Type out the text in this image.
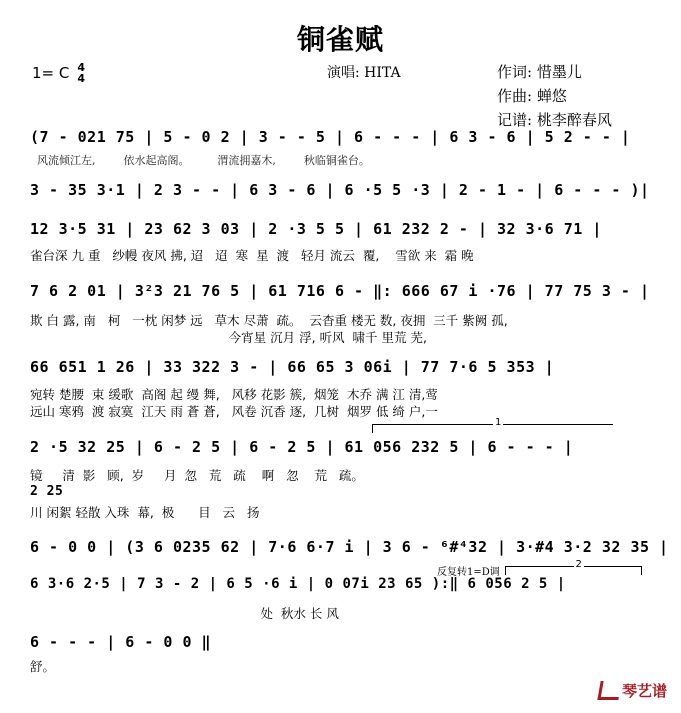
铜雀赋
1= C 4
4	演唱: HITA	作词: 惜墨儿
作曲: 蝉悠
记谱: 桃李醉春风
(7 - 021 75 | 5 - 0 2 | 3 - - 5 | 6 - - - | 6 3 - 6 | 5 2 - - |
风流倾江左,        依水起高阁。        渭流拥嘉木,        秋临铜雀台。
3 - 35 3·1 | 2 3 - - | 6 3 - 6 | 6 ·5 5 ·3 | 2 - 1 - | 6 - - - )|
12 3·5 31 | 23 62 3 03 | 2 ·3 5 5 | 61 232 2 - | 32 3·6 71 |
雀台深 九 重   纱幔 夜风 拂, 迢   迢  寒  星  渡   轻月 流云  覆,    雪欲 来  霜 晚
7 6 2 01 | 3²3 21 76 5 | 61 716 6 - ‖: 666 67 i ·76 | 77 75 3 - |
欺 白 露, 南   柯   一枕 闲梦 远   草木 尽萧  疏。  云杳重 楼无 数, 夜拥  三千 紫阙 孤,
今宵星 沉月 浮, 听风  啸千 里荒 芜,
66 651 1 26 | 33 322 3 - | 66 65 3 06i | 77 7·6 5 353 |
宛转 楚腰  束 缓歌  高阁 起 缦 舞,   风移 花影 簇,  烟笼  木乔 满 江 清,莺
远山 寒鸦  渡 寂寞  江天 雨 蒼 蒼,   风卷 沉香 逐,  几树  烟罗 低 绮 户,一
1
2 ·5 32 25 | 6 - 2 5 | 6 - 2 5 | 61 056 232 5 | 6 - - - |
镜     清  影   顾,  岁     月  忽   荒   疏    啊   忽    荒   疏。
2 25
川 闲絮 轻散 入珠  幕,  极      目   云   扬
6 - 0 0 | (3 6 0235 62 | 7·6 6·7 i | 3 6 - ⁶#⁴32 | 3·#4 3·2 32 35 |
反复转1=D调
2
6 3·6 2·5 | 7 3 - 2 | 6 5 ·6 i | 0 07i 23 65 ):‖ 6 056 2 5 |
处  秋水 长 风
6 - - - | 6 - 0 0 ‖
舒。
琴艺谱
